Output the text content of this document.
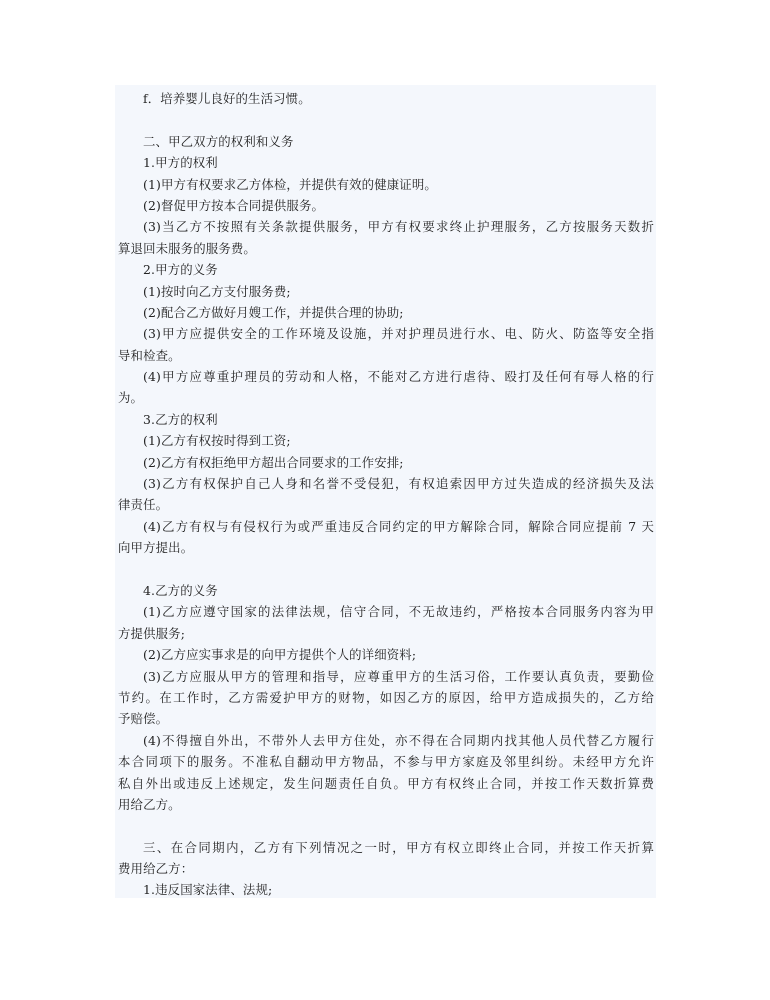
f．培养婴儿良好的生活习惯。
二、甲乙双方的权利和义务
1.甲方的权利
(1)甲方有权要求乙方体检，并提供有效的健康证明。
(2)督促甲方按本合同提供服务。
(3)当乙方不按照有关条款提供服务，甲方有权要求终止护理服务，乙方按服务天数折
算退回未服务的服务费。
2.甲方的义务
(1)按时向乙方支付服务费;
(2)配合乙方做好月嫂工作，并提供合理的协助;
(3)甲方应提供安全的工作环境及设施，并对护理员进行水、电、防火、防盗等安全指
导和检查。
(4)甲方应尊重护理员的劳动和人格，不能对乙方进行虐待、殴打及任何有辱人格的行
为。
3.乙方的权利
(1)乙方有权按时得到工资;
(2)乙方有权拒绝甲方超出合同要求的工作安排;
(3)乙方有权保护自己人身和名誉不受侵犯，有权追索因甲方过失造成的经济损失及法
律责任。
(4)乙方有权与有侵权行为或严重违反合同约定的甲方解除合同，解除合同应提前 7 天
向甲方提出。
4.乙方的义务
(1)乙方应遵守国家的法律法规，信守合同，不无故违约，严格按本合同服务内容为甲
方提供服务;
(2)乙方应实事求是的向甲方提供个人的详细资料;
(3)乙方应服从甲方的管理和指导，应尊重甲方的生活习俗，工作要认真负责，要勤俭
节约。在工作时，乙方需爱护甲方的财物，如因乙方的原因，给甲方造成损失的，乙方给
予赔偿。
(4)不得擅自外出，不带外人去甲方住处，亦不得在合同期内找其他人员代替乙方履行
本合同项下的服务。不准私自翻动甲方物品，不参与甲方家庭及邻里纠纷。未经甲方允许
私自外出或违反上述规定，发生问题责任自负。甲方有权终止合同，并按工作天数折算费
用给乙方。
三、在合同期内，乙方有下列情况之一时，甲方有权立即终止合同，并按工作天折算
费用给乙方：
1.违反国家法律、法规;
